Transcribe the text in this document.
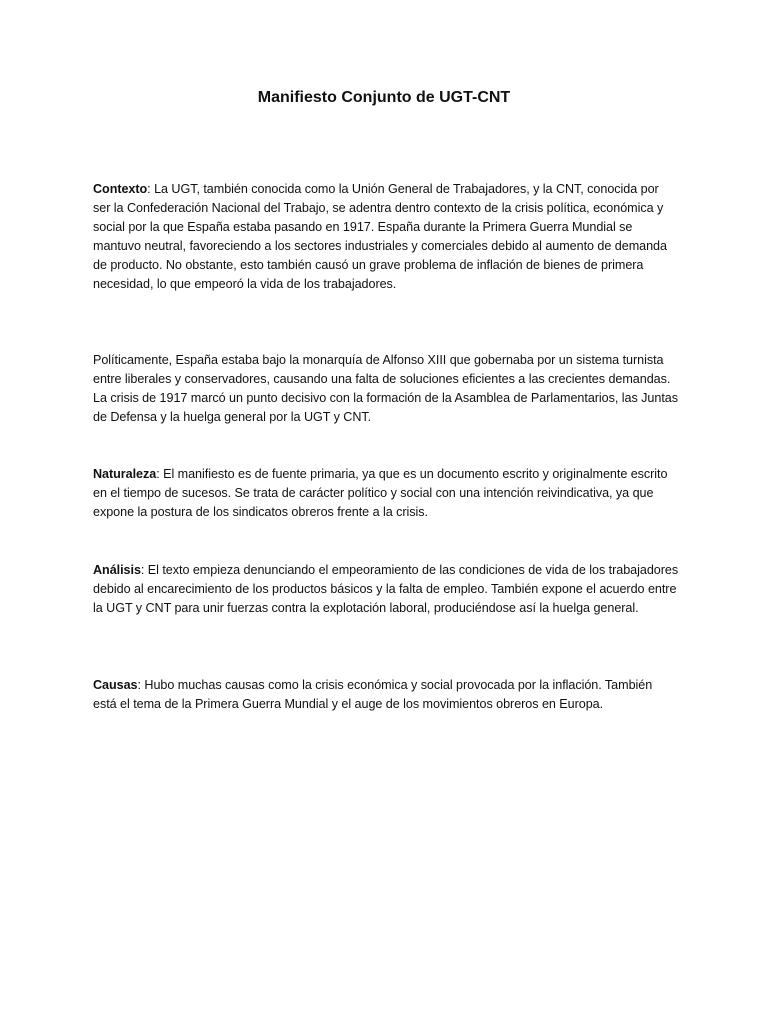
Manifiesto Conjunto de UGT-CNT

Contexto: La UGT, también conocida como la Unión General de Trabajadores, y la CNT, conocida por ser la Confederación Nacional del Trabajo, se adentra dentro contexto de la crisis política, económica y social por la que España estaba pasando en 1917. España durante la Primera Guerra Mundial se mantuvo neutral, favoreciendo a los sectores industriales y comerciales debido al aumento de demanda de producto. No obstante, esto también causó un grave problema de inflación de bienes de primera necesidad, lo que empeoró la vida de los trabajadores.

Políticamente, España estaba bajo la monarquía de Alfonso XIII que gobernaba por un sistema turnista entre liberales y conservadores, causando una falta de soluciones eficientes a las crecientes demandas. La crisis de 1917 marcó un punto decisivo con la formación de la Asamblea de Parlamentarios, las Juntas de Defensa y la huelga general por la UGT y CNT.

Naturaleza: El manifiesto es de fuente primaria, ya que es un documento escrito y originalmente escrito en el tiempo de sucesos. Se trata de carácter político y social con una intención reivindicativa, ya que expone la postura de los sindicatos obreros frente a la crisis.

Análisis: El texto empieza denunciando el empeoramiento de las condiciones de vida de los trabajadores debido al encarecimiento de los productos básicos y la falta de empleo. También expone el acuerdo entre la UGT y CNT para unir fuerzas contra la explotación laboral, produciéndose así la huelga general.

Causas: Hubo muchas causas como la crisis económica y social provocada por la inflación. También está el tema de la Primera Guerra Mundial y el auge de los movimientos obreros en Europa.
